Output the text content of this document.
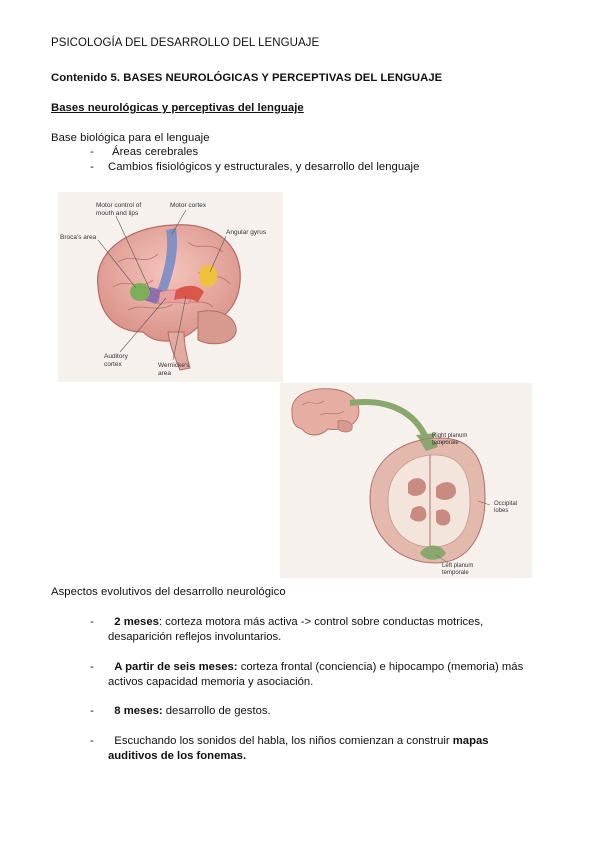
PSICOLOGÍA DEL DESARROLLO DEL LENGUAJE
Contenido 5. BASES NEUROLÓGICAS Y PERCEPTIVAS DEL LENGUAJE
Bases neurológicas y perceptivas del lenguaje
Base biológica para el lenguaje
- Áreas cerebrales
- Cambios fisiológicos y estructurales, y desarrollo del lenguaje
Motor control of
mouth and lips
Motor cortex
Broca's area
Angular gyrus
Auditory
cortex	Wernicke's
area
Right planum
temporale
Occipital
lobes
Left planum
temporale
Aspectos evolutivos del desarrollo neurológico
-	2 meses: corteza motora más activa -> control sobre conductas motrices,
desaparición reflejos involuntarios.
-	A partir de seis meses: corteza frontal (conciencia) e hipocampo (memoria) más
activos capacidad memoria y asociación.
-	8 meses: desarrollo de gestos.
-	Escuchando los sonidos del habla, los niños comienzan a construir mapas
auditivos de los fonemas.
